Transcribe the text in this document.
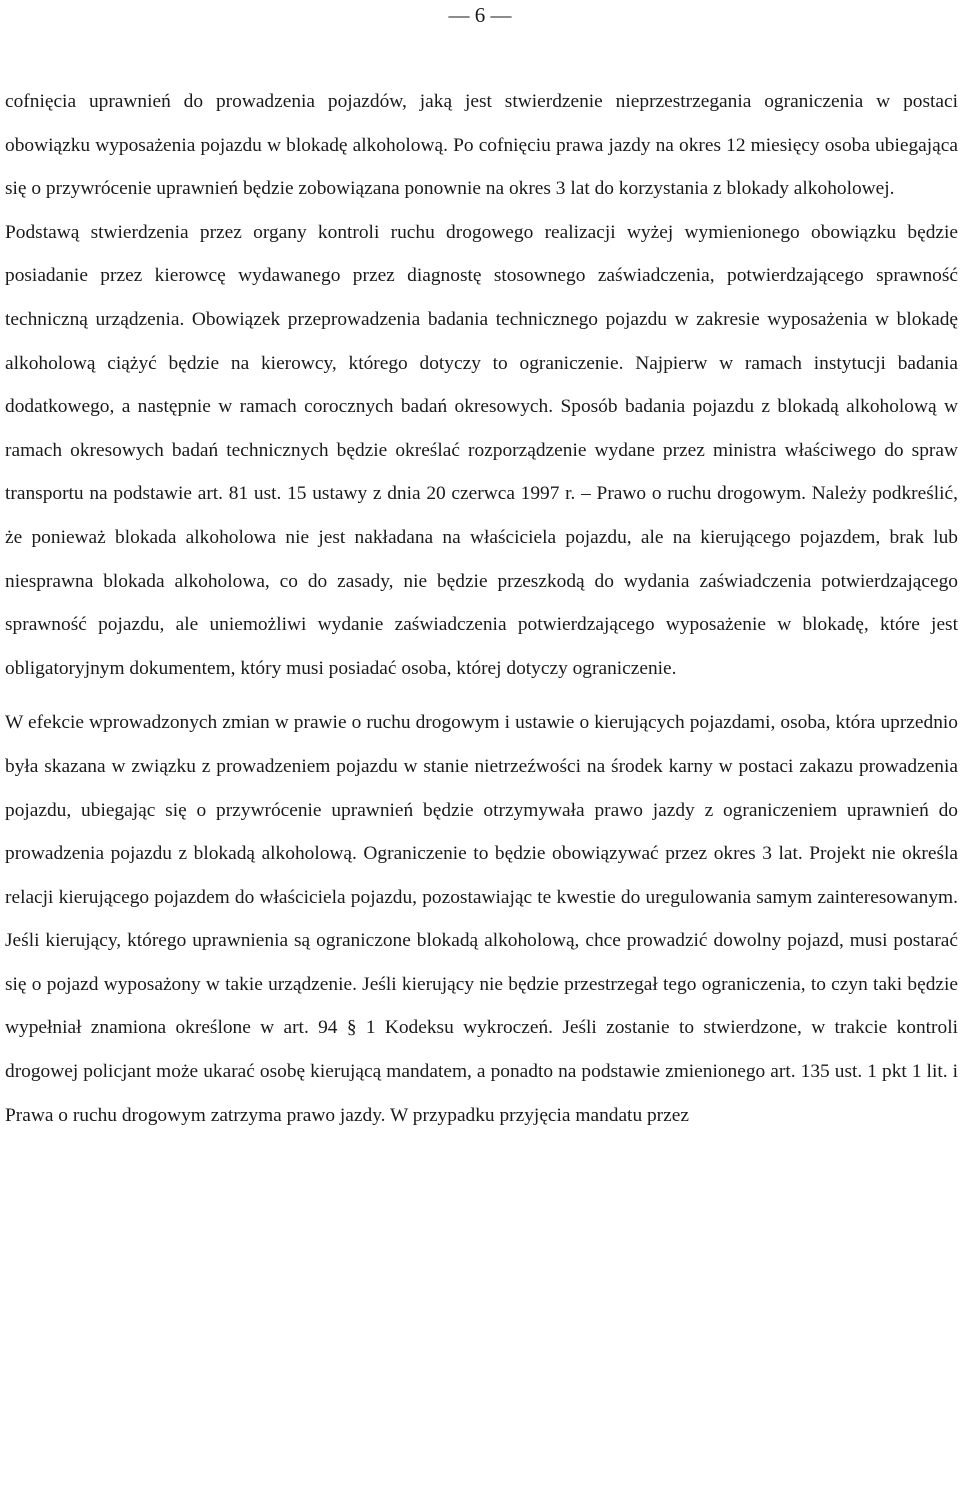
— 6 —

cofnięcia uprawnień do prowadzenia pojazdów, jaką jest stwierdzenie nieprzestrzegania ograniczenia w postaci obowiązku wyposażenia pojazdu w blokadę alkoholową. Po cofnięciu prawa jazdy na okres 12 miesięcy osoba ubiegająca się o przywrócenie uprawnień będzie zobowiązana ponownie na okres 3 lat do korzystania z blokady alkoholowej.

Podstawą stwierdzenia przez organy kontroli ruchu drogowego realizacji wyżej wymienionego obowiązku będzie posiadanie przez kierowcę wydawanego przez diagnostę stosownego zaświadczenia, potwierdzającego sprawność techniczną urządzenia. Obowiązek przeprowadzenia badania technicznego pojazdu w zakresie wyposażenia w blokadę alkoholową ciążyć będzie na kierowcy, którego dotyczy to ograniczenie. Najpierw w ramach instytucji badania dodatkowego, a następnie w ramach corocznych badań okresowych. Sposób badania pojazdu z blokadą alkoholową w ramach okresowych badań technicznych będzie określać rozporządzenie wydane przez ministra właściwego do spraw transportu na podstawie art. 81 ust. 15 ustawy z dnia 20 czerwca 1997 r. – Prawo o ruchu drogowym. Należy podkreślić, że ponieważ blokada alkoholowa nie jest nakładana na właściciela pojazdu, ale na kierującego pojazdem, brak lub niesprawna blokada alkoholowa, co do zasady, nie będzie przeszkodą do wydania zaświadczenia potwierdzającego sprawność pojazdu, ale uniemożliwi wydanie zaświadczenia potwierdzającego wyposażenie w blokadę, które jest obligatoryjnym dokumentem, który musi posiadać osoba, której dotyczy ograniczenie.

W efekcie wprowadzonych zmian w prawie o ruchu drogowym i ustawie o kierujących pojazdami, osoba, która uprzednio była skazana w związku z prowadzeniem pojazdu w stanie nietrzeźwości na środek karny w postaci zakazu prowadzenia pojazdu, ubiegając się o przywrócenie uprawnień będzie otrzymywała prawo jazdy z ograniczeniem uprawnień do prowadzenia pojazdu z blokadą alkoholową. Ograniczenie to będzie obowiązywać przez okres 3 lat. Projekt nie określa relacji kierującego pojazdem do właściciela pojazdu, pozostawiając te kwestie do uregulowania samym zainteresowanym. Jeśli kierujący, którego uprawnienia są ograniczone blokadą alkoholową, chce prowadzić dowolny pojazd, musi postarać się o pojazd wyposażony w takie urządzenie. Jeśli kierujący nie będzie przestrzegał tego ograniczenia, to czyn taki będzie wypełniał znamiona określone w art. 94 § 1 Kodeksu wykroczeń. Jeśli zostanie to stwierdzone, w trakcie kontroli drogowej policjant może ukarać osobę kierującą mandatem, a ponadto na podstawie zmienionego art. 135 ust. 1 pkt 1 lit. i Prawa o ruchu drogowym zatrzyma prawo jazdy. W przypadku przyjęcia mandatu przez
